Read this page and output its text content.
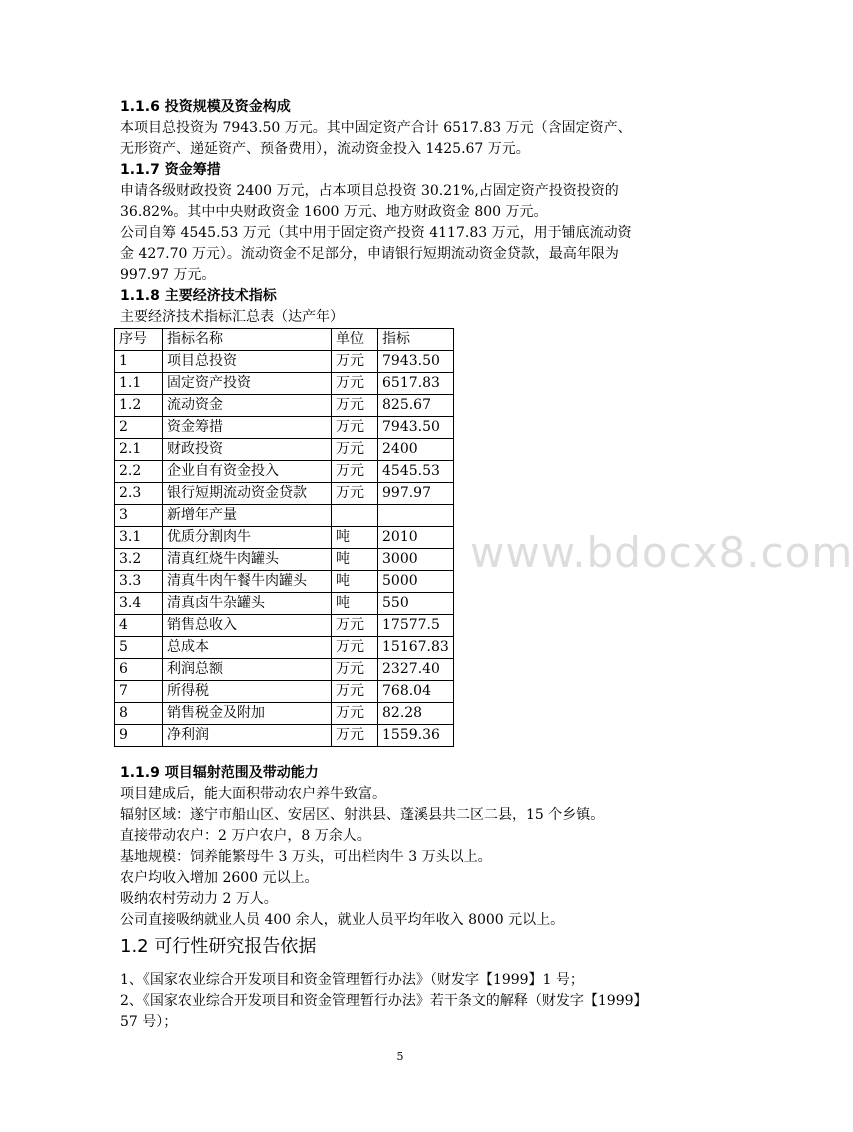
1.1.6 投资规模及资金构成
本项目总投资为 7943.50 万元。其中固定资产合计 6517.83 万元（含固定资产、
无形资产、递延资产、预备费用），流动资金投入 1425.67 万元。
1.1.7 资金筹措
申请各级财政投资 2400 万元，占本项目总投资 30.21%,占固定资产投资投资的
36.82%。其中中央财政资金 1600 万元、地方财政资金 800 万元。
公司自筹 4545.53 万元（其中用于固定资产投资 4117.83 万元，用于铺底流动资
金 427.70 万元）。流动资金不足部分，申请银行短期流动资金贷款，最高年限为
997.97 万元。
1.1.8 主要经济技术指标
主要经济技术指标汇总表（达产年）
序号	指标名称	单位	指标
1	项目总投资	万元	7943.50
1.1	固定资产投资	万元	6517.83
1.2	流动资金	万元	825.67
2	资金筹措	万元	7943.50
2.1	财政投资	万元	2400
2.2	企业自有资金投入	万元	4545.53
2.3	银行短期流动资金贷款	万元	997.97
3	新增年产量		
3.1	优质分割肉牛	吨	2010
3.2	清真红烧牛肉罐头	吨	3000
3.3	清真牛肉午餐牛肉罐头	吨	5000
3.4	清真卤牛杂罐头	吨	550
4	销售总收入	万元	17577.5
5	总成本	万元	15167.83
6	利润总额	万元	2327.40
7	所得税	万元	768.04
8	销售税金及附加	万元	82.28
9	净利润	万元	1559.36
1.1.9 项目辐射范围及带动能力
项目建成后，能大面积带动农户养牛致富。
辐射区域：遂宁市船山区、安居区、射洪县、蓬溪县共二区二县，15 个乡镇。
直接带动农户：2 万户农户，8 万余人。
基地规模：饲养能繁母牛 3 万头，可出栏肉牛 3 万头以上。
农户均收入增加 2600 元以上。
吸纳农村劳动力 2 万人。
公司直接吸纳就业人员 400 余人，就业人员平均年收入 8000 元以上。
1.2 可行性研究报告依据
1、《国家农业综合开发项目和资金管理暂行办法》（财发字【1999】1 号；
2、《国家农业综合开发项目和资金管理暂行办法》若干条文的解释（财发字【1999】
57 号）；
www.bdocx8.com
5
